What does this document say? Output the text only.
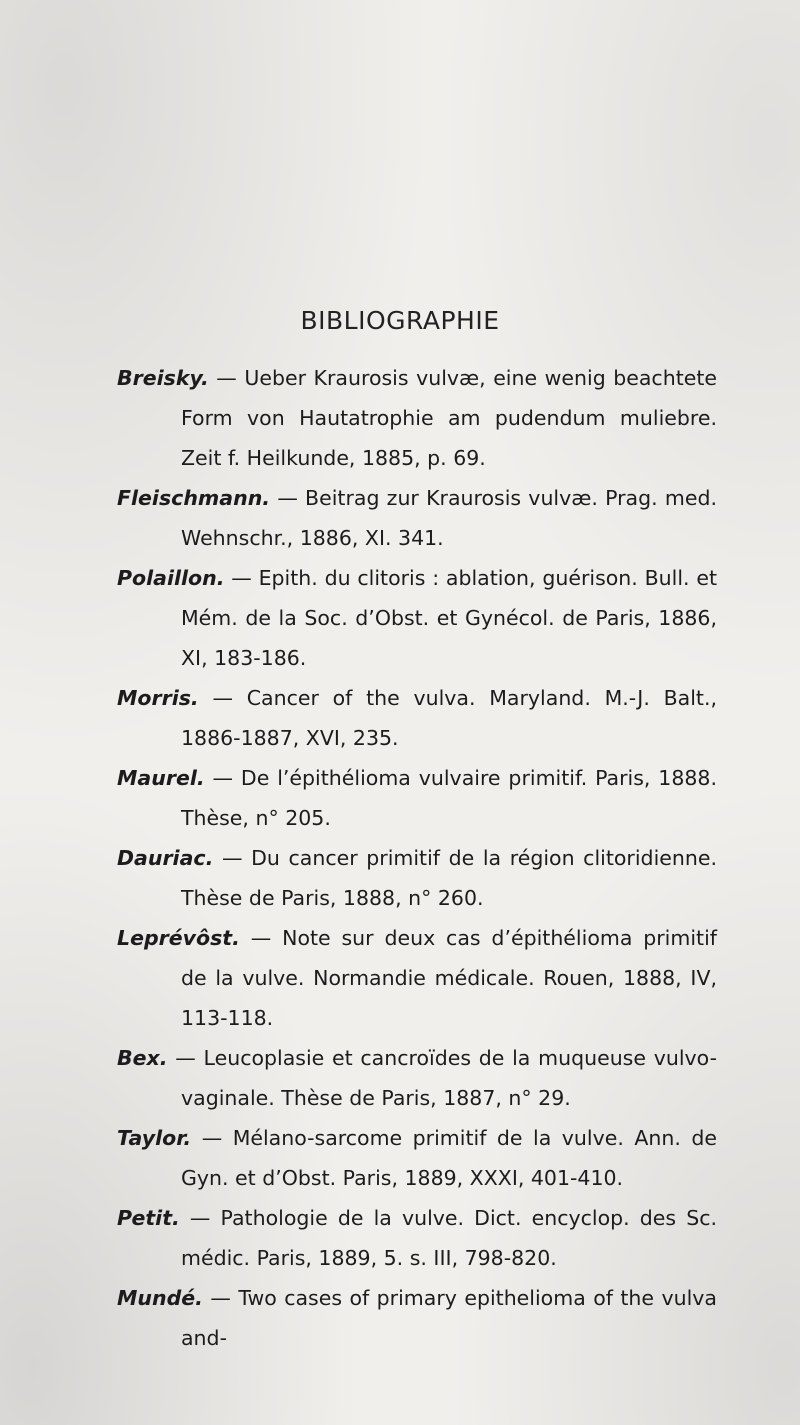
BIBLIOGRAPHIE

Breisky. — Ueber Kraurosis vulvæ, eine wenig beachtete Form von Hautatrophie am pudendum muliebre. Zeit f. Heilkunde, 1885, p. 69.

Fleischmann. — Beitrag zur Kraurosis vulvæ. Prag. med. Wehnschr., 1886, XI. 341.

Polaillon. — Epith. du clitoris : ablation, guérison. Bull. et Mém. de la Soc. d’Obst. et Gynécol. de Paris, 1886, XI, 183-186.

Morris. — Cancer of the vulva. Maryland. M.-J. Balt., 1886-1887, XVI, 235.

Maurel. — De l’épithélioma vulvaire primitif. Paris, 1888. Thèse, n° 205.

Dauriac. — Du cancer primitif de la région clitoridienne. Thèse de Paris, 1888, n° 260.

Leprévôst. — Note sur deux cas d’épithélioma primitif de la vulve. Normandie médicale. Rouen, 1888, IV, 113-118.

Bex. — Leucoplasie et cancroïdes de la muqueuse vulvo-vaginale. Thèse de Paris, 1887, n° 29.

Taylor. — Mélano-sarcome primitif de la vulve. Ann. de Gyn. et d’Obst. Paris, 1889, XXXI, 401-410.

Petit. — Pathologie de la vulve. Dict. encyclop. des Sc. médic. Paris, 1889, 5. s. III, 798-820.

Mundé. — Two cases of primary epithelioma of the vulva and-
